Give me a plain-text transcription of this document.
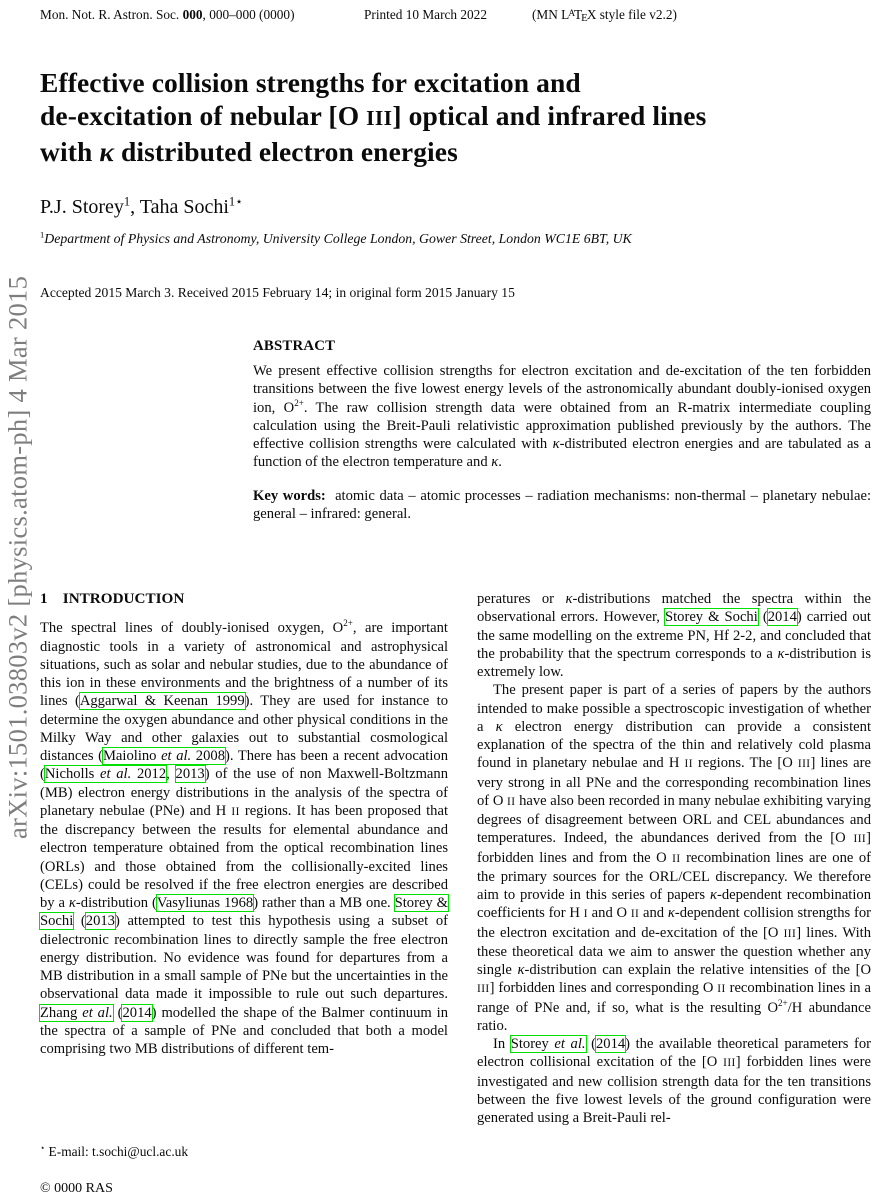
arXiv:1501.03803v2 [physics.atom-ph] 4 Mar 2015
Mon. Not. R. Astron. Soc. 000, 000–000 (0000)	Printed 10 March 2022	(MN $L^ATEX$ style file v2.2)
Effective collision strengths for excitation and
de-excitation of nebular [O III] optical and infrared lines
with κ distributed electron energies
P.J. Storey$^1$, Taha Sochi$^{1⋆}$
$^1$Department of Physics and Astronomy, University College London, Gower Street, London WC1E 6BT, UK
Accepted 2015 March 3. Received 2015 February 14; in original form 2015 January 15
ABSTRACT
We present effective collision strengths for electron excitation and de-excitation of the ten forbidden transitions between the five lowest energy levels of the astronomically abundant doubly-ionised oxygen ion, $O^{2+}$. The raw collision strength data were obtained from an R-matrix intermediate coupling calculation using the Breit-Pauli relativistic approximation published previously by the authors. The effective collision strengths were calculated with κ-distributed electron energies and are tabulated as a function of the electron temperature and κ.
Key words:  atomic data – atomic processes – radiation mechanisms: non-thermal – planetary nebulae: general – infrared: general.
1 INTRODUCTION

The spectral lines of doubly-ionised oxygen, $O^{2+}$, are important diagnostic tools in a variety of astronomical and astrophysical situations, such as solar and nebular studies, due to the abundance of this ion in these environments and the brightness of a number of its lines (Aggarwal & Keenan 1999). They are used for instance to determine the oxygen abundance and other physical conditions in the Milky Way and other galaxies out to substantial cosmological distances (Maiolino et al. 2008). There has been a recent advocation (Nicholls et al. 2012, 2013) of the use of non Maxwell-Boltzmann (MB) electron energy distributions in the analysis of the spectra of planetary nebulae (PNe) and H II regions. It has been proposed that the discrepancy between the results for elemental abundance and electron temperature obtained from the optical recombination lines (ORLs) and those obtained from the collisionally-excited lines (CELs) could be resolved if the free electron energies are described by a κ-distribution (Vasyliunas 1968) rather than a MB one. Storey & Sochi (2013) attempted to test this hypothesis using a subset of dielectronic recombination lines to directly sample the free electron energy distribution. No evidence was found for departures from a MB distribution in a small sample of PNe but the uncertainties in the observational data made it impossible to rule out such departures. Zhang et al. (2014) modelled the shape of the Balmer continuum in the spectra of a sample of PNe and concluded that both a model comprising two MB distributions of different tem-

peratures or κ-distributions matched the spectra within the observational errors. However, Storey & Sochi (2014) carried out the same modelling on the extreme PN, Hf 2-2, and concluded that the probability that the spectrum corresponds to a κ-distribution is extremely low.

The present paper is part of a series of papers by the authors intended to make possible a spectroscopic investigation of whether a κ electron energy distribution can provide a consistent explanation of the spectra of the thin and relatively cold plasma found in planetary nebulae and H II regions. The [O III] lines are very strong in all PNe and the corresponding recombination lines of O II have also been recorded in many nebulae exhibiting varying degrees of disagreement between ORL and CEL abundances and temperatures. Indeed, the abundances derived from the [O III] forbidden lines and from the O II recombination lines are one of the primary sources for the ORL/CEL discrepancy. We therefore aim to provide in this series of papers κ-dependent recombination coefficients for H I and O II and κ-dependent collision strengths for the electron excitation and de-excitation of the [O III] lines. With these theoretical data we aim to answer the question whether any single κ-distribution can explain the relative intensities of the [O III] forbidden lines and corresponding O II recombination lines in a range of PNe and, if so, what is the resulting $O^{2+}/H$ abundance ratio.

In Storey et al. (2014) the available theoretical parameters for electron collisional excitation of the [O III] forbidden lines were investigated and new collision strength data for the ten transitions between the five lowest levels of the ground configuration were generated using a Breit-Pauli rel-

⋆ E-mail: t.sochi@ucl.ac.uk
© 0000 RAS
